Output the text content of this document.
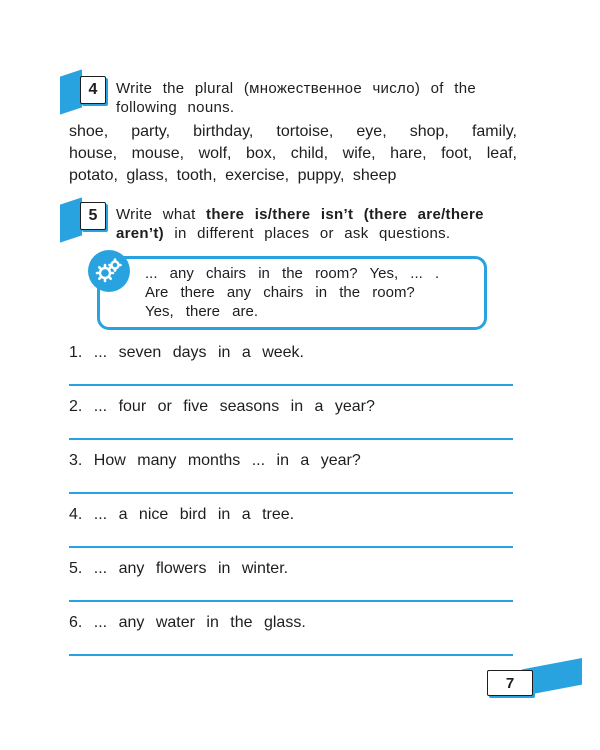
4	Write the plural (множественное число) of the following nouns.
shoe, party, birthday, tortoise, eye, shop, family,
house, mouse, wolf, box, child, wife, hare, foot, leaf,
potato, glass, tooth, exercise, puppy, sheep
5	Write what there is/there isn’t (there are/there aren’t) in different places or ask questions.
... any chairs in the room? Yes, ... .
Are there any chairs in the room?
Yes, there are.
1. ... seven days in a week.
2. ... four or five seasons in a year?
3. How many months ... in a year?
4. ... a nice bird in a tree.
5. ... any flowers in winter.
6. ... any water in the glass.
7
